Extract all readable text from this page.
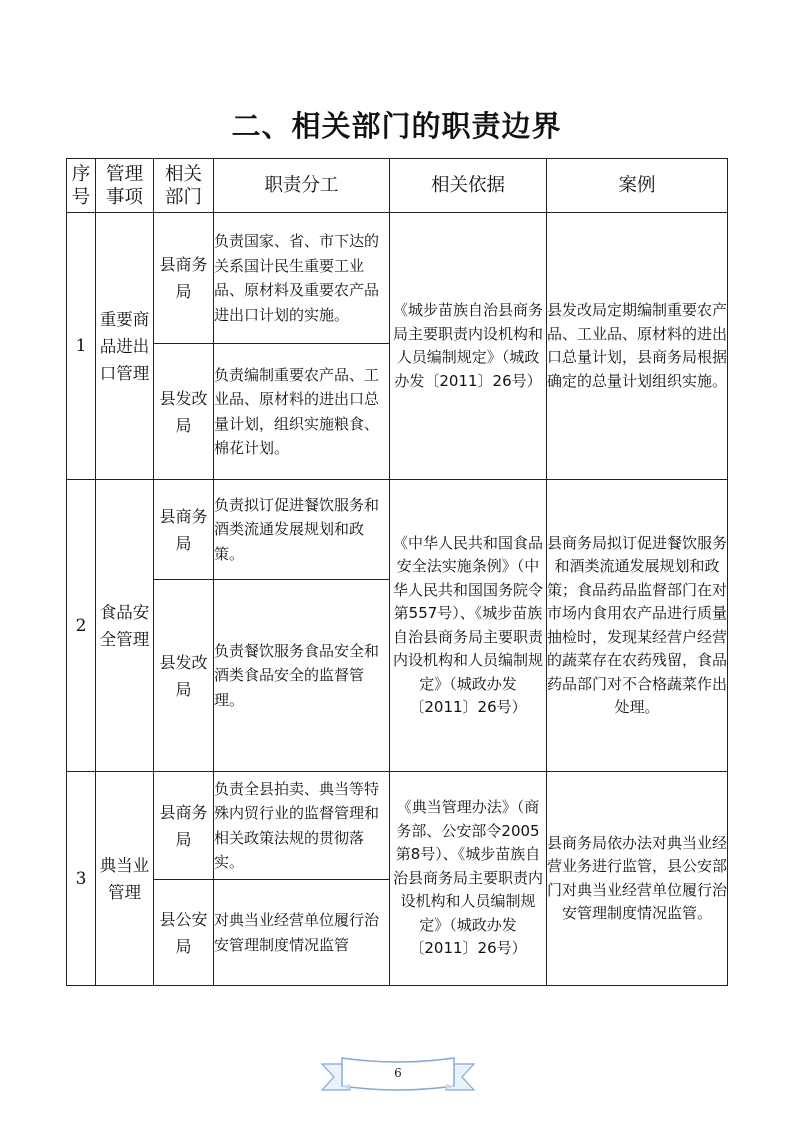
二、相关部门的职责边界
序号	管理事项	相关部门	职责分工	相关依据	案例
1	重要商品进出口管理	县商务局	负责国家、省、市下达的关系国计民生重要工业品、原材料及重要农产品进出口计划的实施。	《城步苗族自治县商务局主要职责内设机构和人员编制规定》（城政办发〔2011〕26号）	县发改局定期编制重要农产品、工业品、原材料的进出口总量计划，县商务局根据确定的总量计划组织实施。
		县发改局	负责编制重要农产品、工业品、原材料的进出口总量计划，组织实施粮食、棉花计划。		
2	食品安全管理	县商务局	负责拟订促进餐饮服务和酒类流通发展规划和政策。	《中华人民共和国食品安全法实施条例》（中华人民共和国国务院令第557号）、《城步苗族自治县商务局主要职责内设机构和人员编制规定》（城政办发〔2011〕26号）	县商务局拟订促进餐饮服务和酒类流通发展规划和政策；食品药品监督部门在对市场内食用农产品进行质量抽检时，发现某经营户经营的蔬菜存在农药残留，食品药品部门对不合格蔬菜作出处理。
		县发改局	负责餐饮服务食品安全和酒类食品安全的监督管理。		
3	典当业管理	县商务局	负责全县拍卖、典当等特殊内贸行业的监督管理和相关政策法规的贯彻落实。	《典当管理办法》（商务部、公安部令2005第8号）、《城步苗族自治县商务局主要职责内设机构和人员编制规定》（城政办发〔2011〕26号）	县商务局依办法对典当业经营业务进行监管，县公安部门对典当业经营单位履行治安管理制度情况监管。
		县公安局	对典当业经营单位履行治安管理制度情况监管		
6
